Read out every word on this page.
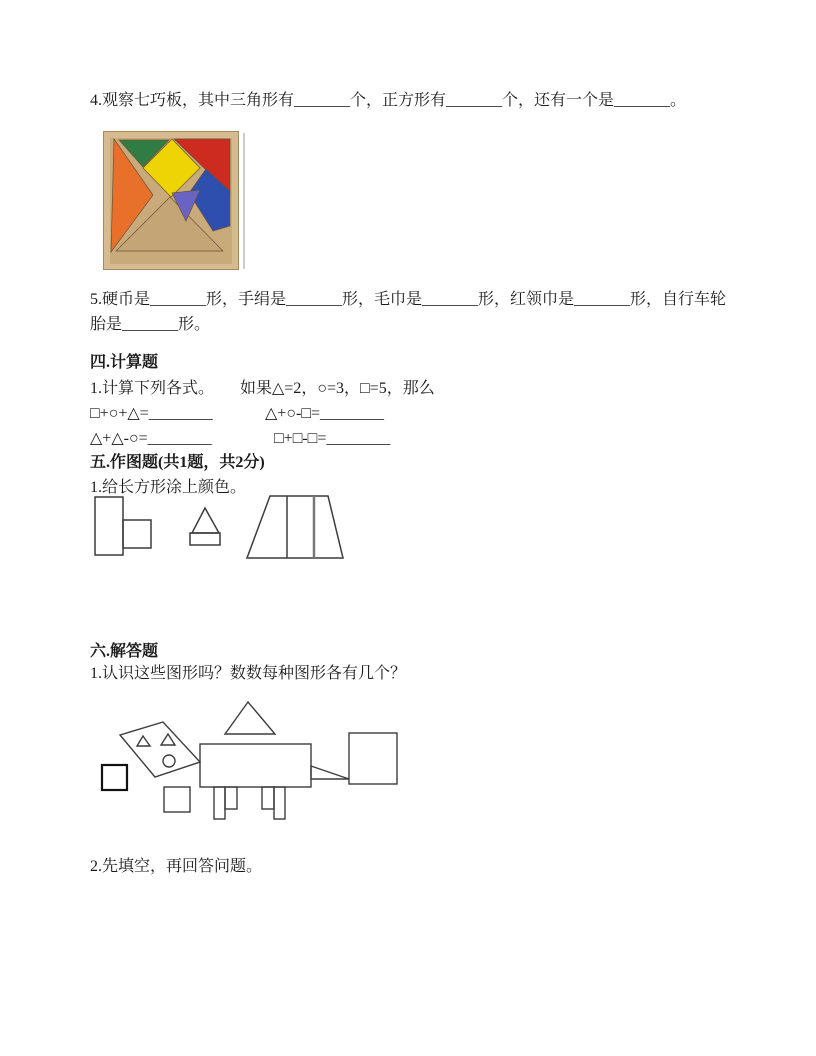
4.观察七巧板，其中三角形有_______个，正方形有_______个，还有一个是_______。
5.硬币是_______形，手绢是_______形，毛巾是_______形，红领巾是_______形，自行车轮胎是_______形。
四.计算题
1.计算下列各式。 如果△=2，○=3，□=5，那么
□+○+△=________	△+○-□=________
△+△-○=________	□+□-□=________
五.作图题(共1题，共2分)
1.给长方形涂上颜色。
六.解答题
1.认识这些图形吗？数数每种图形各有几个？
2.先填空，再回答问题。
